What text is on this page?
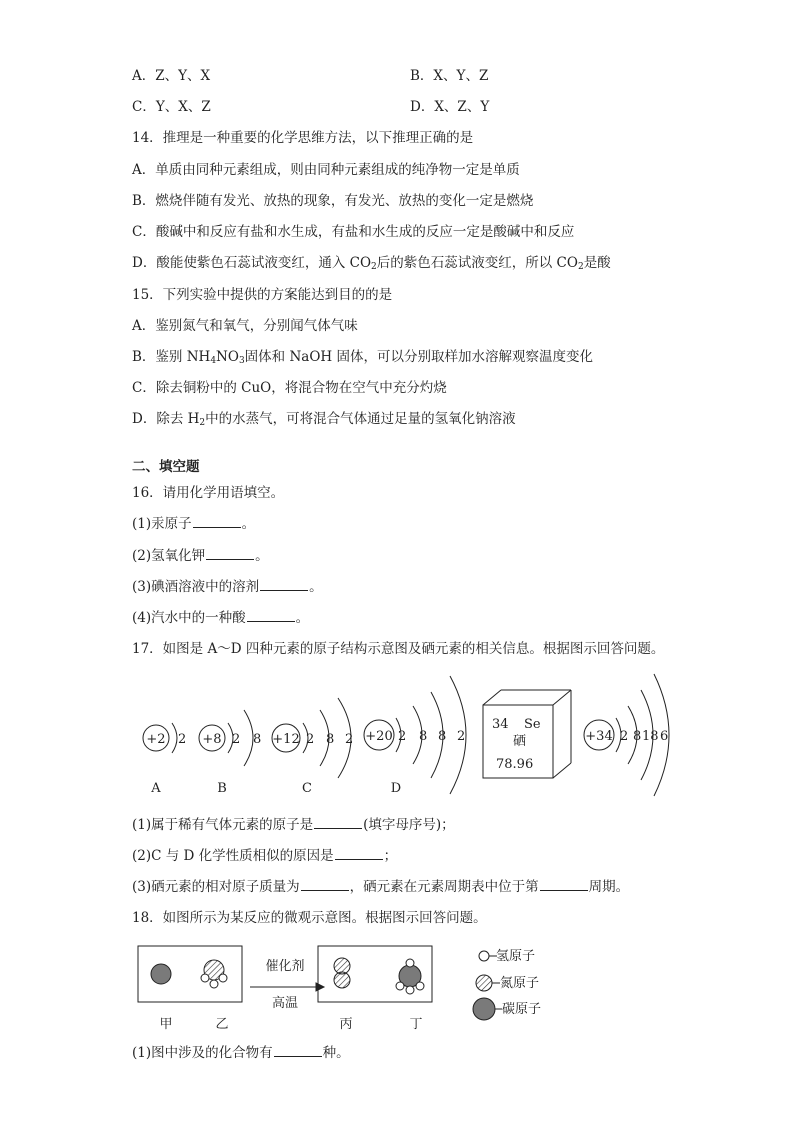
A．Z、Y、X	B．X、Y、Z
C．Y、X、Z	D．X、Z、Y
14．推理是一种重要的化学思维方法，以下推理正确的是
A．单质由同种元素组成，则由同种元素组成的纯净物一定是单质
B．燃烧伴随有发光、放热的现象，有发光、放热的变化一定是燃烧
C．酸碱中和反应有盐和水生成，有盐和水生成的反应一定是酸碱中和反应
D．酸能使紫色石蕊试液变红，通入 $CO_2$后的紫色石蕊试液变红，所以 $CO_2$是酸
15．下列实验中提供的方案能达到目的的是
A．鉴别氮气和氧气，分别闻气体气味
B．鉴别 $NH_4NO_3$固体和 NaOH 固体，可以分别取样加水溶解观察温度变化
C．除去铜粉中的 CuO，将混合物在空气中充分灼烧
D．除去 $H_2$中的水蒸气，可将混合气体通过足量的氢氧化钠溶液
二、填空题
16．请用化学用语填空。
(1)汞原子	。
(2)氢氧化钾	。
(3)碘酒溶液中的溶剂	。
(4)汽水中的一种酸	。
17．如图是 A～D 四种元素的原子结构示意图及硒元素的相关信息。根据图示回答问题。
+2 2
A
+8 2 8
B
+12 2 8 2
C
+20 2 8 8 2
D
34 Se
硒
78.96
+34 2 8 18 6
(1)属于稀有气体元素的原子是	(填字母序号)；
(2)C 与 D 化学性质相似的原因是	；
(3)硒元素的相对原子质量为	，硒元素在元素周期表中位于第	周期。
18．如图所示为某反应的微观示意图。根据图示回答问题。
催化剂
高温
甲	乙	丙	丁
氢原子
氮原子
碳原子
(1)图中涉及的化合物有	种。
